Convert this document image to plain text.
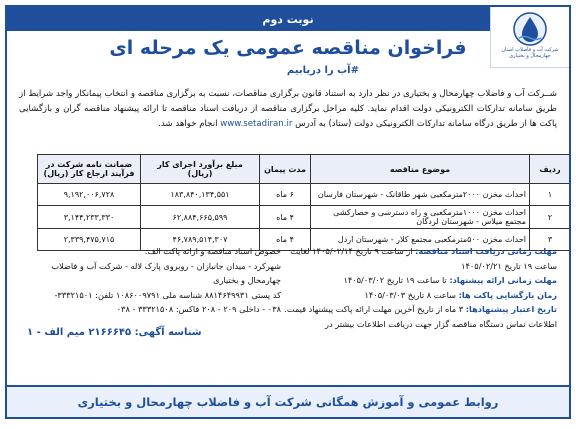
نوبت دوم
شرکت آب و فاضلاب استان چهارمحال و بختیاری
فراخوان مناقصه عمومی یک مرحله ای
#آب را دریابیم
شــرکت آب و فاضلاب چهارمحال و بختیاری در نظر دارد به استناد قانون برگزاری مناقصات، نسبت به برگزاری مناقصه و انتخاب پیمانکار واجد شرایط از طریق سامانه تدارکات الکترونیکی دولت اقدام نماید. کلیه مراحل برگزاری مناقصه از دریافت اسناد مناقصه تا ارائه پیشنهاد مناقصه گران و بازگشایی پاکت ها از طریق درگاه سامانه تدارکات الکترونیکی دولت (ستاد) به آدرس www.setadiran.ir انجام خواهد شد.
ردیف	موضوع مناقصه	مدت پیمان	مبلغ برآورد اجرای کار (ریال)	ضمانت نامه شرکت در فرآیند ارجاع کار (ریال)
۱	احداث مخزن ۲۰۰۰مترمکعبی شهر طاقانک - شهرستان فارسان	۶ ماه	۱۸۳,۸۴۰,۱۳۴,۵۵۱	۹,۱۹۲,۰۰۶,۷۲۸
۲	احداث مخزن ۱۰۰۰مترمکعبی و راه دسترسی و حصارکشی مجتمع میلاس - شهرستان لردگان	۴ ماه	۶۲,۸۸۴,۶۶۵,۵۹۹	۳,۱۴۴,۲۳۳,۳۳۰
۳	احداث مخزن ۵۰۰مترمکعبی مجتمع کلار - شهرستان اردل	۴ ماه	۴۶,۷۸۹,۵۱۴,۳۰۷	۲,۳۳۹,۴۷۵,۷۱۵
مهلت زمانی دریافت اسناد مناقصه: از ساعت ۹ تاریخ ۱۴۰۵/۰۲/۱۴ لغایت
ساعت ۱۹ تاریخ ۱۴۰۵/۰۲/۲۱
مهلت زمانی ارائه پیشنهاد: تا ساعت ۱۹ تاریخ ۱۴۰۵/۰۳/۰۲
زمان بازگشایی پاکت ها: ساعت ۸ تاریخ ۱۴۰۵/۰۳/۰۳
تاریخ اعتبار پیشنهادها: ۳ ماه از تاریخ آخرین مهلت ارائه پاکت پیشنهاد قیمت.
اطلاعات تماس دستگاه مناقصه گزار جهت دریافت اطلاعات بیشتر در
خصوص اسناد مناقصه و ارائه پاکت الف:
شهرکرد - میدان جانبازان - روبروی پارک لاله - شرکت آب و فاضلاب
چهارمحال و بختیاری
کد پستی ۸۸۱۴۶۴۹۹۳۱ شناسه ملی ۱۰۸۶۰۰۹۷۹۱ تلفن: ۳۳۳۲۱۵۰۱-
۰۳۸ - داخلی ۲۰۹ - ۲۰۸ فاکس: ۳۳۳۲۱۵۰۸ - ۰۳۸
شناسه آگهی: ۲۱۶۶۶۴۵ میم الف - ۱
روابط عمومی و آموزش همگانی شرکت آب و فاضلاب چهارمحال و بختیاری
